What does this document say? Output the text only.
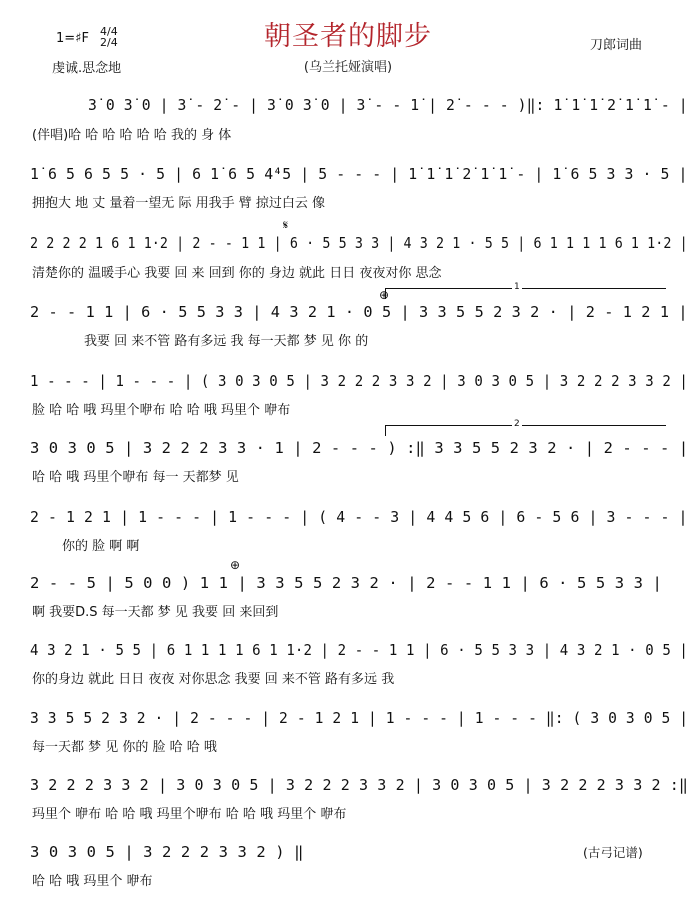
朝圣者的脚步
(乌兰托娅演唱)
1=♯F 4/4
2/4
虔诚.思念地
刀郎词曲
3̇ 0 3̇ 0 | 3̇ - 2̇ - | 3̇ 0 3̇ 0 | 3̇ - - 1̇ | 2̇ - - - )‖: 1̇ 1̇ 1̇ 2̇ 1̇ 1̇ - |
(伴唱)哈 哈 哈 哈 哈 哈 我的 身 体
1̇ 6 5 6 5 5 · 5 | 6 1̇ 6 5 4⁴5 | 5 - - - | 1̇ 1̇ 1̇ 2̇ 1̇ 1̇ - | 1̇ 6 5 3 3 · 5 |
拥抱大 地 丈 量着一望无 际 用我手 臂 掠过白云 像
𝄋
2 2 2 2 1 6 1 1·2 | 2 - - 1 1 | 6 · 5 5 3 3 | 4 3 2 1 · 5 5 | 6 1 1 1 1 6 1 1·2 |
清楚你的 温暖手心 我要 回 来 回到 你的 身边 就此 日日 夜夜对你 思念
1
⊕
2 - - 1 1 | 6 · 5 5 3 3 | 4 3 2 1 · 0 5 | 3 3 5 5 2 3 2 · | 2 - 1 2 1 |
我要 回 来不管 路有多远 我 每一天都 梦 见 你 的
1 - - - | 1 - - - | ( 3 0 3 0 5 | 3 2 2 2 3 3 2 | 3 0 3 0 5 | 3 2 2 2 3 3 2 |
脸 哈 哈 哦 玛里个咿布 哈 哈 哦 玛里个 咿布
2
3 0 3 0 5 | 3 2 2 2 3 3 · 1 | 2 - - - ) :‖ 3 3 5 5 2 3 2 · | 2 - - - |
哈 哈 哦 玛里个咿布 每一 天都梦 见
2 - 1 2 1 | 1 - - - | 1 - - - | ( 4 - - 3 | 4 4 5 6 | 6 - 5 6 | 3 - - - |
你的 脸 啊 啊
⊕
2 - - 5 | 5 0 0 ) 1 1 | 3 3 5 5 2 3 2 · | 2 - - 1 1 | 6 · 5 5 3 3 |
啊 我要D.S 每一天都 梦 见 我要 回 来回到
4 3 2 1 · 5 5 | 6 1 1 1 1 6 1 1·2 | 2 - - 1 1 | 6 · 5 5 3 3 | 4 3 2 1 · 0 5 |
你的身边 就此 日日 夜夜 对你思念 我要 回 来不管 路有多远 我
3 3 5 5 2 3 2 · | 2 - - - | 2 - 1 2 1 | 1 - - - | 1 - - - ‖: ( 3 0 3 0 5 |
每一天都 梦 见 你的 脸 哈 哈 哦
3 2 2 2 3 3 2 | 3 0 3 0 5 | 3 2 2 2 3 3 2 | 3 0 3 0 5 | 3 2 2 2 3 3 2 :‖
玛里个 咿布 哈 哈 哦 玛里个咿布 哈 哈 哦 玛里个 咿布
3 0 3 0 5 | 3 2 2 2 3 3 2 ) ‖
哈 哈 哦 玛里个 咿布
(古弓记谱)
